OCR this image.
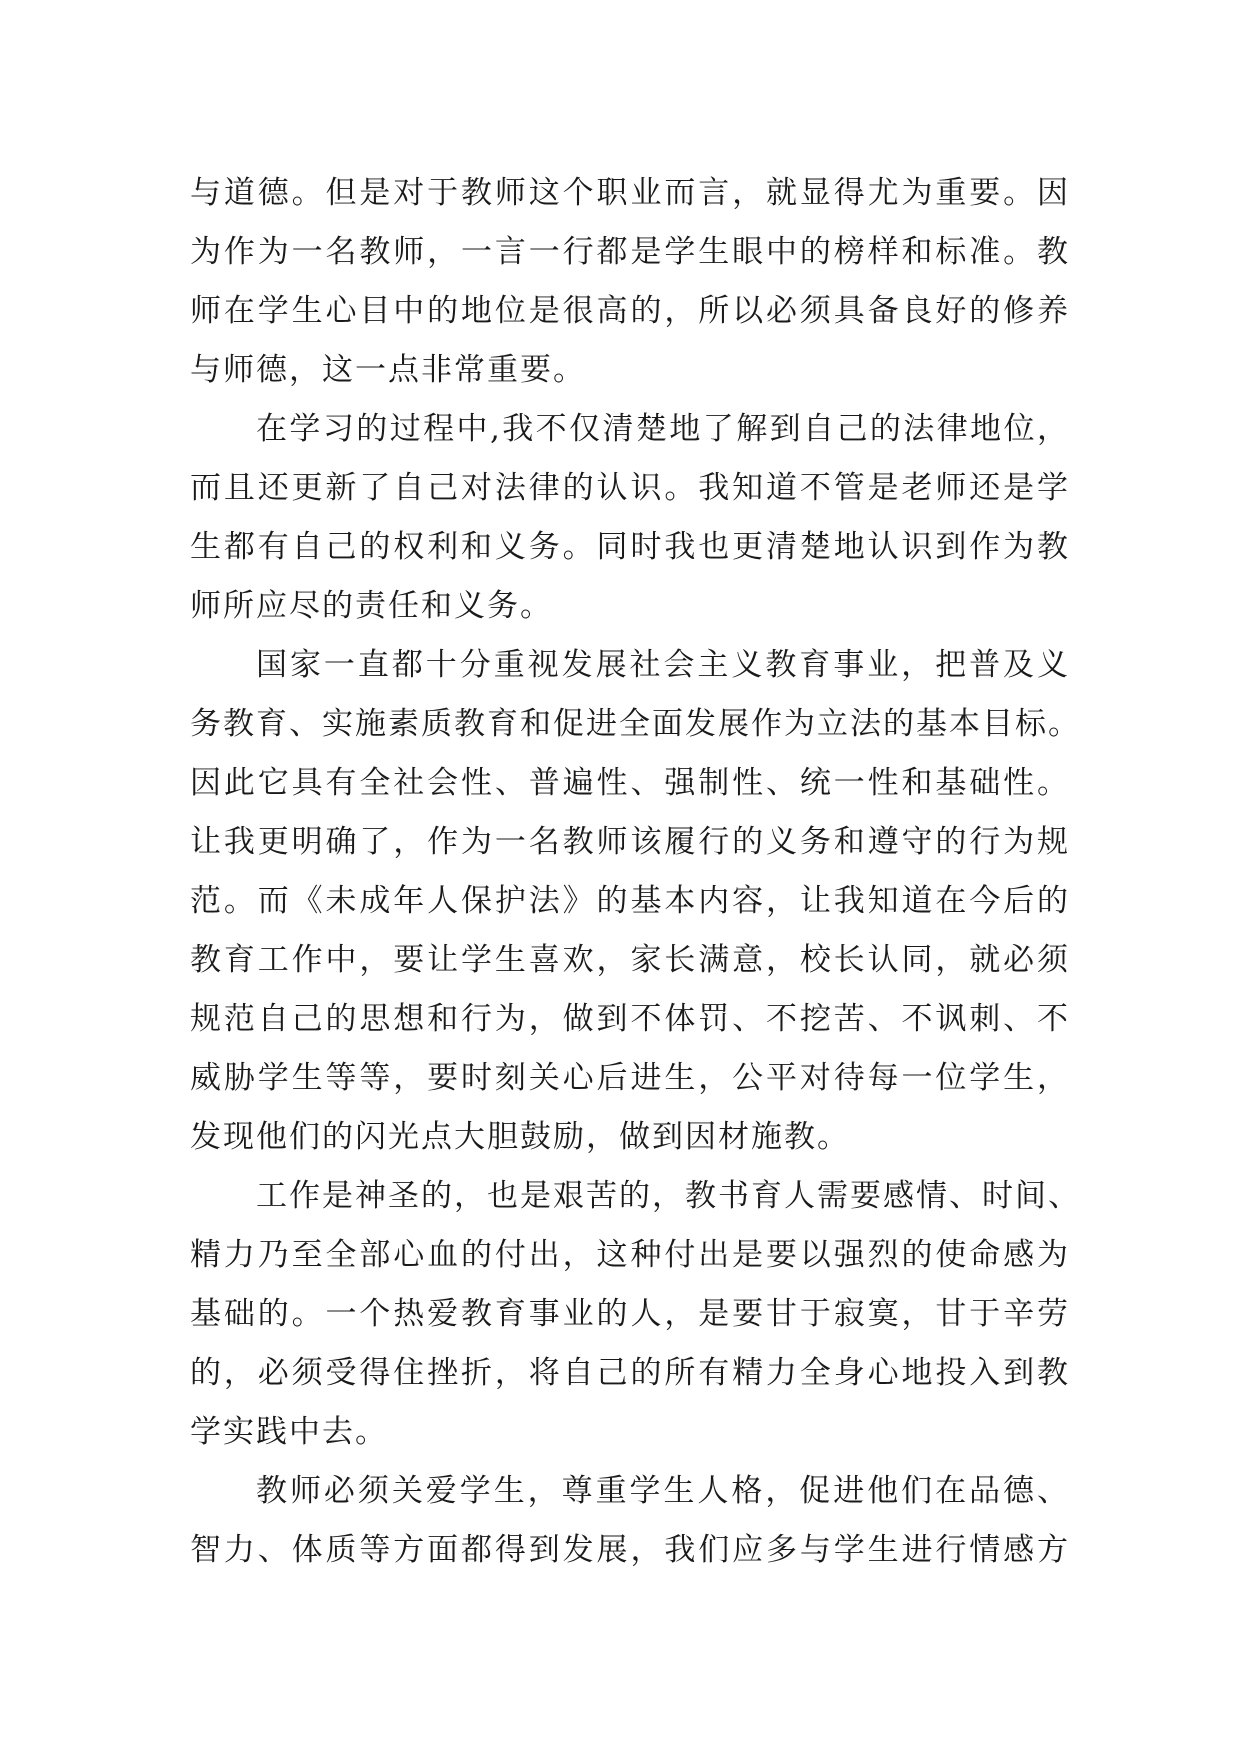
与道德。但是对于教师这个职业而言，就显得尤为重要。因
为作为一名教师，一言一行都是学生眼中的榜样和标准。教
师在学生心目中的地位是很高的，所以必须具备良好的修养
与师德，这一点非常重要。
在学习的过程中,我不仅清楚地了解到自己的法律地位，
而且还更新了自己对法律的认识。我知道不管是老师还是学
生都有自己的权利和义务。同时我也更清楚地认识到作为教
师所应尽的责任和义务。
国家一直都十分重视发展社会主义教育事业，把普及义
务教育、实施素质教育和促进全面发展作为立法的基本目标。
因此它具有全社会性、普遍性、强制性、统一性和基础性。
让我更明确了，作为一名教师该履行的义务和遵守的行为规
范。而《未成年人保护法》的基本内容，让我知道在今后的
教育工作中，要让学生喜欢，家长满意，校长认同，就必须
规范自己的思想和行为，做到不体罚、不挖苦、不讽刺、不
威胁学生等等，要时刻关心后进生，公平对待每一位学生，
发现他们的闪光点大胆鼓励，做到因材施教。
工作是神圣的，也是艰苦的，教书育人需要感情、时间、
精力乃至全部心血的付出，这种付出是要以强烈的使命感为
基础的。一个热爱教育事业的人，是要甘于寂寞，甘于辛劳
的，必须受得住挫折，将自己的所有精力全身心地投入到教
学实践中去。
教师必须关爱学生，尊重学生人格，促进他们在品德、
智力、体质等方面都得到发展，我们应多与学生进行情感方
